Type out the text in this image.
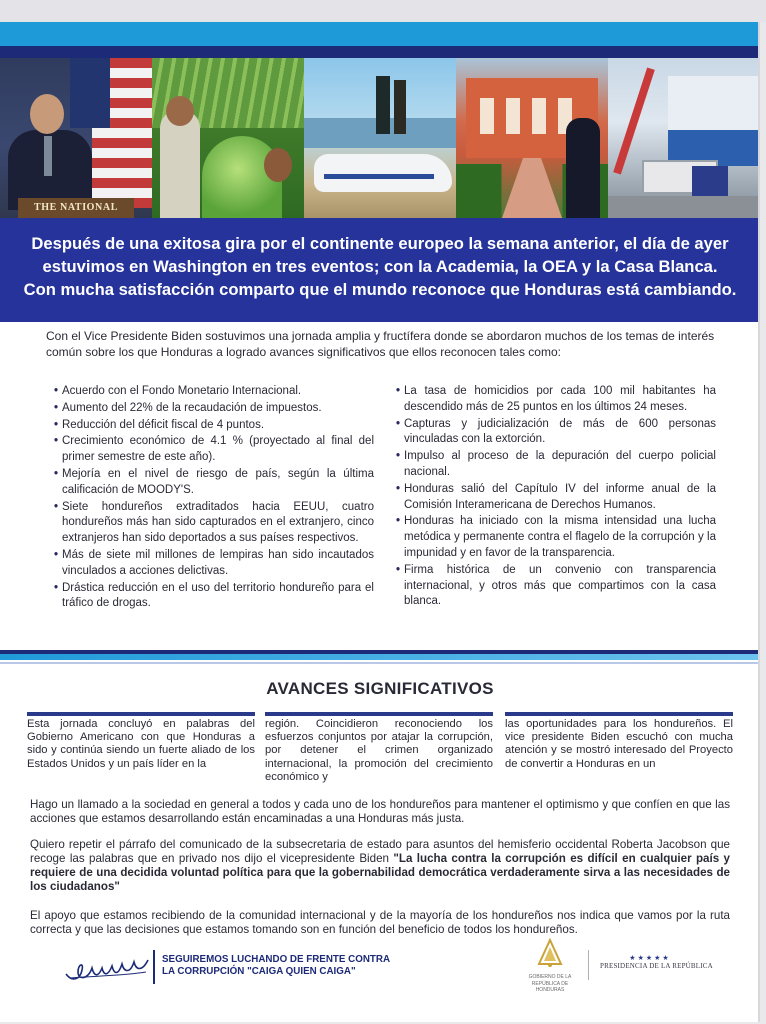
THE NATIONAL

Después de una exitosa gira por el continente europeo la semana anterior, el día de ayer

estuvimos en Washington en tres eventos; con la Academia, la OEA y la Casa Blanca.

Con mucha satisfacción comparto que el mundo reconoce que Honduras está cambiando.

Con el Vice Presidente Biden sostuvimos una jornada amplia y fructífera donde se abordaron muchos de los temas de interés
común sobre los que Honduras a logrado avances significativos que ellos reconocen tales como:
• Acuerdo con el Fondo Monetario Internacional.
• Aumento del 22% de la recaudación de impuestos.
• Reducción del déficit fiscal de 4 puntos.
• Crecimiento económico de 4.1 % (proyectado al final del primer semestre de este año).
• Mejoría en el nivel de riesgo de país, según la última calificación de MOODY'S.
• Siete hondureños extraditados hacia EEUU, cuatro hondureños más han sido capturados en el extranjero, cinco extranjeros han sido deportados a sus países respectivos.
• Más de siete mil millones de lempiras han sido incautados vinculados a acciones delictivas.
• Drástica reducción en el uso del territorio hondureño para el tráfico de drogas.
• La tasa de homicidios por cada 100 mil habitantes ha descendido más de 25 puntos en los últimos 24 meses.
• Capturas y judicialización de más de 600 personas vinculadas con la extorción.
• Impulso al proceso de la depuración del cuerpo policial nacional.
• Honduras salió del Capítulo IV del informe anual de la Comisión Interamericana de Derechos Humanos.
• Honduras ha iniciado con la misma intensidad una lucha metódica y permanente contra el flagelo de la corrupción y la impunidad y en favor de la transparencia.
• Firma histórica de un convenio con transparencia internacional, y otros más que compartimos con la casa blanca.
AVANCES SIGNIFICATIVOS

Esta jornada concluyó en palabras del Gobierno Americano con que Honduras a sido y continúa siendo un fuerte aliado de los Estados Unidos y un país líder en la

región. Coincidieron reconociendo los esfuerzos conjuntos por atajar la corrupción, por detener el crimen organizado internacional, la promoción del crecimiento económico y

las oportunidades para los hondureños. El vice presidente Biden escuchó con mucha atención y se mostró interesado del Proyecto de convertir a Honduras en un

Hago un llamado a la sociedad en general a todos y cada uno de los hondureños para mantener el optimismo y que confíen en que las acciones que estamos desarrollando están encaminadas a una Honduras más justa.

Quiero repetir el párrafo del comunicado de la subsecretaria de estado para asuntos del hemisferio occidental Roberta Jacobson que recoge las palabras que en privado nos dijo el vicepresidente Biden "La lucha contra la corrupción es difícil en cualquier país y requiere de una decidida voluntad política para que la gobernabilidad democrática verdaderamente sirva a las necesidades de los ciudadanos"

El apoyo que estamos recibiendo de la comunidad internacional y de la mayoría de los hondureños nos indica que vamos por la ruta correcta y que las decisiones que estamos tomando son en función del beneficio de todos los hondureños.

SEGUIREMOS LUCHANDO DE FRENTE CONTRA
LA CORRUPCIÓN "CAIGA QUIEN CAIGA"	GOBIERNO DE LA
REPÚBLICA DE HONDURAS
★★★★★
PRESIDENCIA DE LA REPÚBLICA
